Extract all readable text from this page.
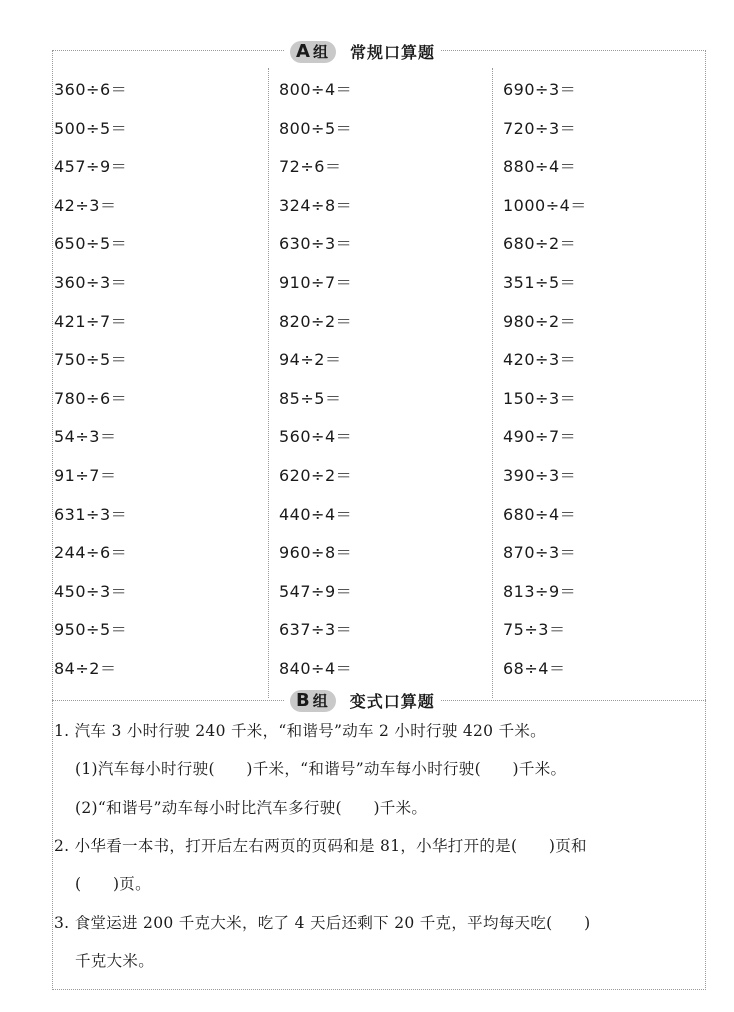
A 组 常规口算题
360÷6＝
500÷5＝
457÷9＝
42÷3＝
650÷5＝
360÷3＝
421÷7＝
750÷5＝
780÷6＝
54÷3＝
91÷7＝
631÷3＝
244÷6＝
450÷3＝
950÷5＝
84÷2＝
800÷4＝
800÷5＝
72÷6＝
324÷8＝
630÷3＝
910÷7＝
820÷2＝
94÷2＝
85÷5＝
560÷4＝
620÷2＝
440÷4＝
960÷8＝
547÷9＝
637÷3＝
840÷4＝
690÷3＝
720÷3＝
880÷4＝
1000÷4＝
680÷2＝
351÷5＝
980÷2＝
420÷3＝
150÷3＝
490÷7＝
390÷3＝
680÷4＝
870÷3＝
813÷9＝
75÷3＝
68÷4＝
B 组 变式口算题
1. 汽车 3 小时行驶 240 千米，“和谐号”动车 2 小时行驶 420 千米。
(1)汽车每小时行驶(　　)千米，“和谐号”动车每小时行驶(　　)千米。
(2)“和谐号”动车每小时比汽车多行驶(　　)千米。
2. 小华看一本书，打开后左右两页的页码和是 81，小华打开的是(　　)页和
(　　)页。
3. 食堂运进 200 千克大米，吃了 4 天后还剩下 20 千克，平均每天吃(　　)
千克大米。
